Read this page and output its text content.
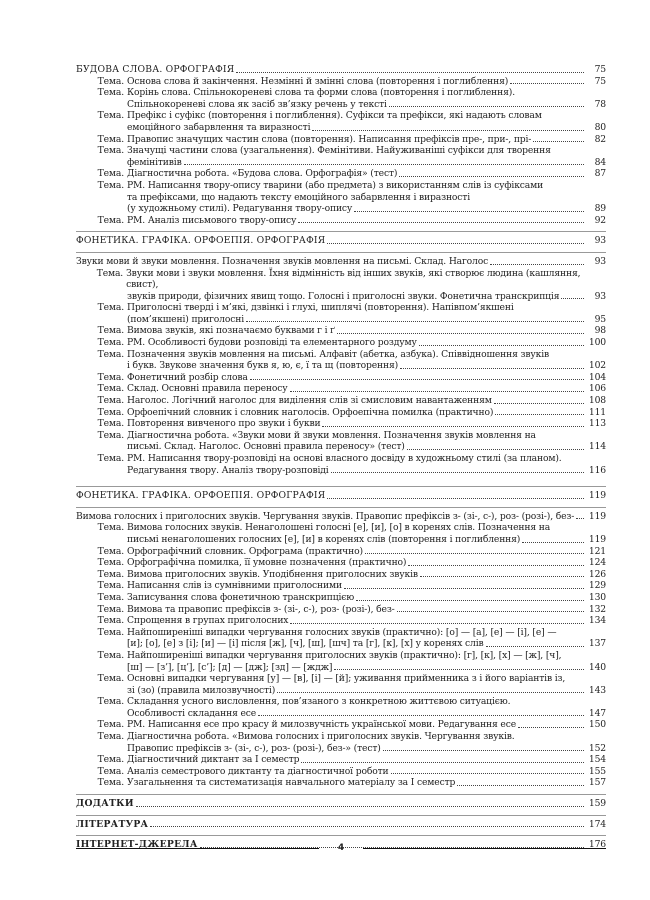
БУДОВА СЛОВА. ОРФОГРАФІЯ	75
Тема. Основа слова й закінчення. Незмінні й змінні слова (повторення і поглиблення)	75
Тема. Корінь слова. Спільнокореневі слова та форми слова (повторення і поглиблення).
Спільнокореневі слова як засіб зв’язку речень у тексті	78
Тема. Префікс і суфікс (повторення і поглиблення). Суфікси та префікси, які надають словам
емоційного забарвлення та виразності	80
Тема. Правопис значущих частин слова (повторення). Написання префіксів пре-, при-, прі-	82
Тема. Значущі частини слова (узагальнення). Фемінітиви. Найуживаніші суфікси для творення
фемінітивів	84
Тема. Діагностична робота. «Будова слова. Орфографія» (тест)	87
Тема. РМ. Написання твору-опису тварини (або предмета) з використанням слів із суфіксами
та префіксами, що надають тексту емоційного забарвлення і виразності
(у художньому стилі). Редагування твору-опису	89
Тема. РМ. Аналіз письмового твору-опису	92
ФОНЕТИКА. ГРАФІКА. ОРФОЕПІЯ. ОРФОГРАФІЯ	93
Звуки мови й звуки мовлення. Позначення звуків мовлення на письмі. Склад. Наголос	93
Тема. Звуки мови і звуки мовлення. Їхня відмінність від інших звуків, які створює людина (кашляння, свист),
звуків природи, фізичних явищ тощо. Голосні і приголосні звуки. Фонетична транскрипція	93
Тема. Приголосні тверді і м’які, дзвінкі і глухі, шиплячі (повторення). Напівпом’якшені
(пом’якшені) приголосні	95
Тема. Вимова звуків, які позначаємо буквами г і ґ	98
Тема. РМ. Особливості будови розповіді та елементарного роздуму	100
Тема. Позначення звуків мовлення на письмі. Алфавіт (абетка, азбука). Співвідношення звуків
і букв. Звукове значення букв я, ю, є, ї та щ (повторення)	102
Тема. Фонетичний розбір слова	104
Тема. Склад. Основні правила переносу	106
Тема. Наголос. Логічний наголос для виділення слів зі смисловим навантаженням	108
Тема. Орфоепічний словник і словник наголосів. Орфоепічна помилка (практично)	111
Тема. Повторення вивченого про звуки і букви	113
Тема. Діагностична робота. «Звуки мови й звуки мовлення. Позначення звуків мовлення на
письмі. Склад. Наголос. Основні правила переносу» (тест)	114
Тема. РМ. Написання твору-розповіді на основі власного досвіду в художньому стилі (за планом).
Редагування твору. Аналіз твору-розповіді	116
ФОНЕТИКА. ГРАФІКА. ОРФОЕПІЯ. ОРФОГРАФІЯ	119
Вимова голосних і приголосних звуків. Чергування звуків. Правопис префіксів з- (зі-, с-), роз- (розі-), без-	119
Тема. Вимова голосних звуків. Ненаголошені голосні [е], [и], [о] в коренях слів. Позначення на
письмі ненаголошених голосних [е], [и] в коренях слів (повторення і поглиблення)	119
Тема. Орфографічний словник. Орфограма (практично)	121
Тема. Орфографічна помилка, її умовне позначення (практично)	124
Тема. Вимова приголосних звуків. Уподібнення приголосних звуків	126
Тема. Написання слів із сумнівними приголосними	129
Тема. Записування слова фонетичною транскрипцією	130
Тема. Вимова та правопис префіксів з- (зі-, с-), роз- (розі-), без-	132
Тема. Спрощення в групах приголосних	134
Тема. Найпоширеніші випадки чергування голосних звуків (практично): [о] — [а], [е] — [і], [е] —
[и]; [о], [е] з [і]; [и] — [і] після [ж], [ч], [ш], [шч] та [г], [к], [х] у коренях слів	137
Тема. Найпоширеніші випадки чергування приголосних звуків (практично): [г], [к], [х] — [ж], [ч],
[ш] — [з’], [ц’], [с’]; [д] — [дж]; [зд] — [ждж]	140
Тема. Основні випадки чергування [у] — [в], [і] — [й]; уживання прийменника з і його варіантів із,
зі (зо) (правила милозвучності)	143
Тема. Складання усного висловлення, пов’язаного з конкретною життєвою ситуацією.
Особливості складання есе	147
Тема. РМ. Написання есе про красу й милозвучність української мови. Редагування есе	150
Тема. Діагностична робота. «Вимова голосних і приголосних звуків. Чергування звуків.
Правопис префіксів з- (зі-, с-), роз- (розі-), без-» (тест)	152
Тема. Діагностичний диктант за І семестр	154
Тема. Аналіз семестрового диктанту та діагностичної роботи	155
Тема. Узагальнення та систематизація навчального матеріалу за І семестр	157
ДОДАТКИ	159
ЛІТЕРАТУРА	174
ІНТЕРНЕТ-ДЖЕРЕЛА	176
4
